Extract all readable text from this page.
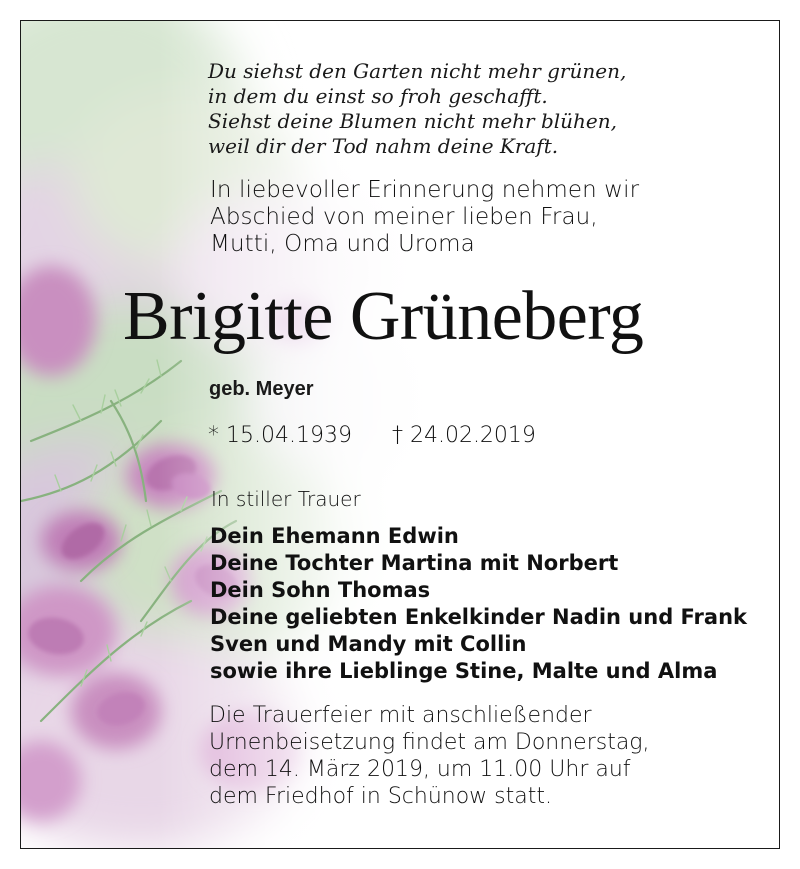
Du siehst den Garten nicht mehr grünen,
in dem du einst so froh geschafft.
Siehst deine Blumen nicht mehr blühen,
weil dir der Tod nahm deine Kraft.
In liebevoller Erinnerung nehmen wir
Abschied von meiner lieben Frau,
Mutti, Oma und Uroma
Brigitte Grüneberg
geb. Meyer
* 15.04.1939 † 24.02.2019
In stiller Trauer
Dein Ehemann Edwin
Deine Tochter Martina mit Norbert
Dein Sohn Thomas
Deine geliebten Enkelkinder Nadin und Frank
Sven und Mandy mit Collin
sowie ihre Lieblinge Stine, Malte und Alma
Die Trauerfeier mit anschließender
Urnenbeisetzung findet am Donnerstag,
dem 14. März 2019, um 11.00 Uhr auf
dem Friedhof in Schünow statt.
